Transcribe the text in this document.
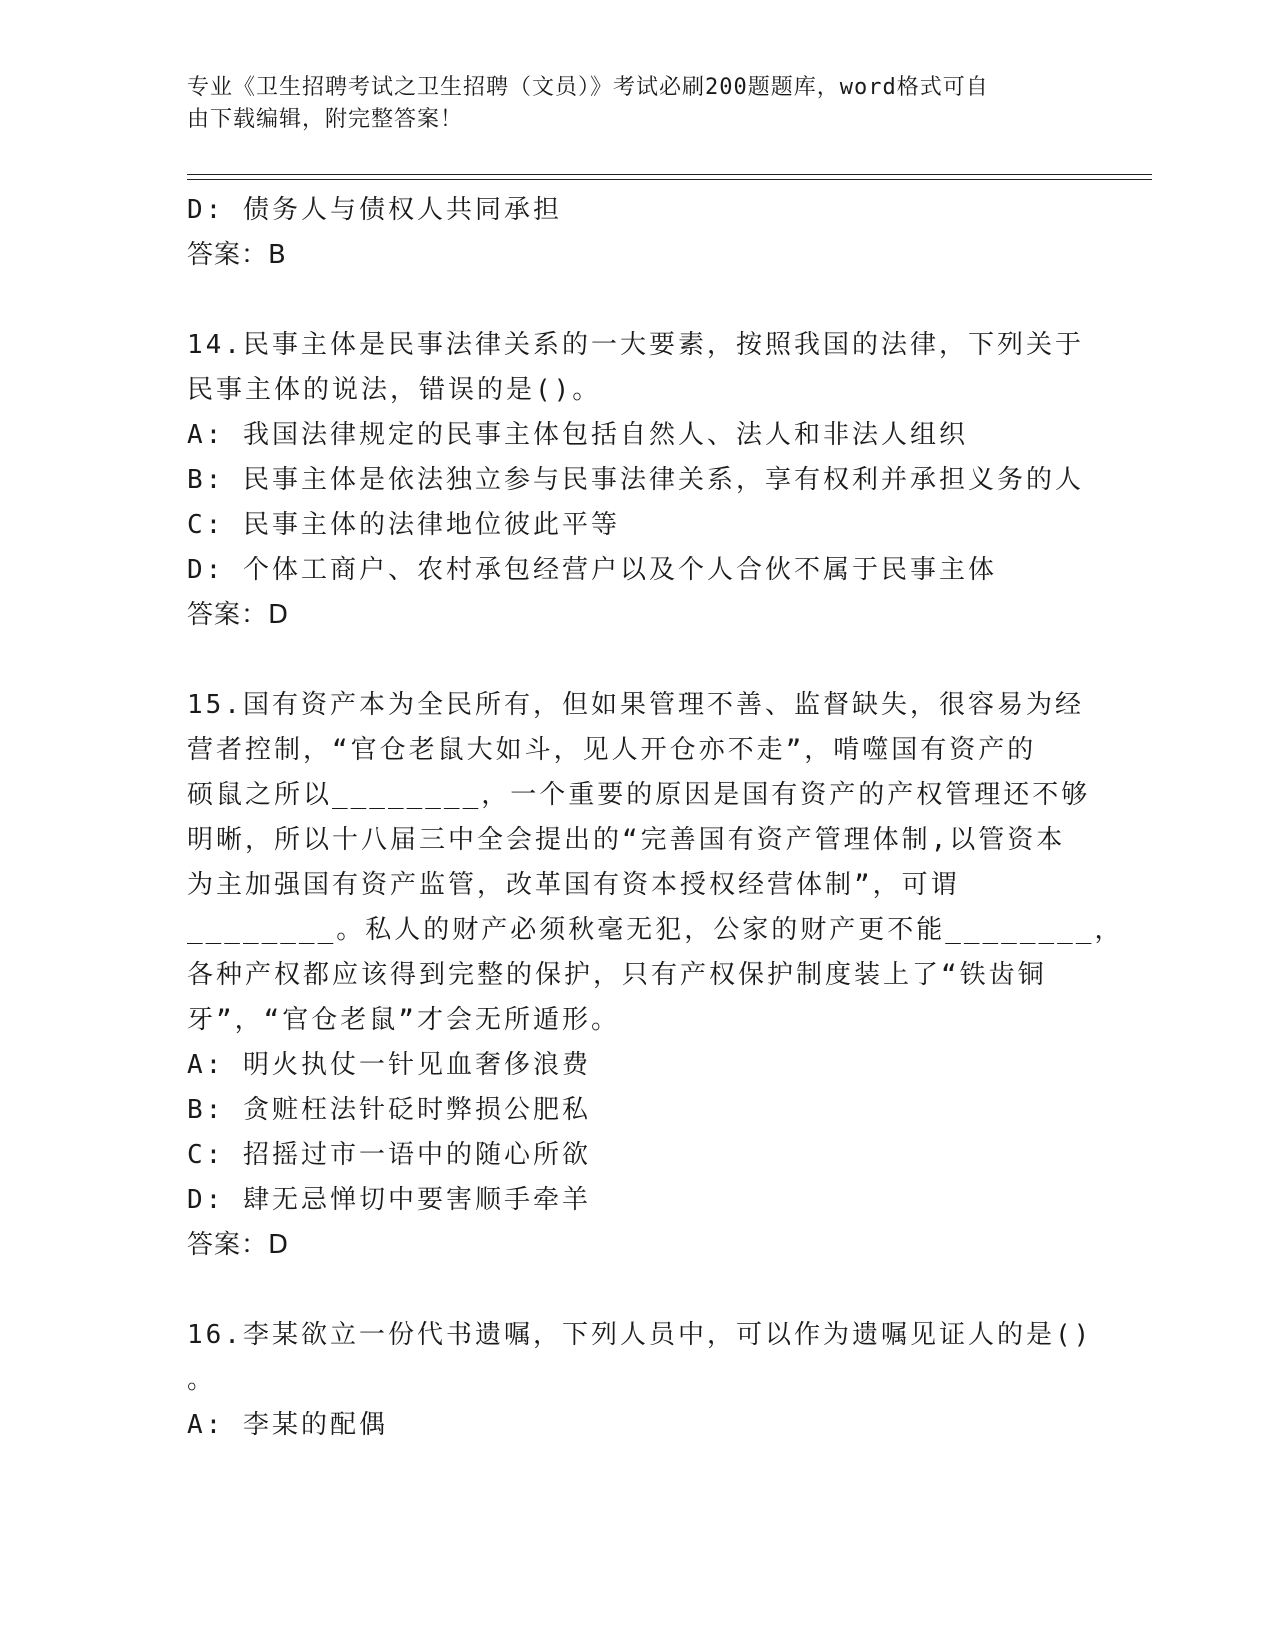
专业《卫生招聘考试之卫生招聘（文员）》考试必刷200题题库，word格式可自
由下载编辑，附完整答案！
D: 债务人与债权人共同承担
答案：B
14.民事主体是民事法律关系的一大要素，按照我国的法律，下列关于
民事主体的说法，错误的是()。
A: 我国法律规定的民事主体包括自然人、法人和非法人组织
B: 民事主体是依法独立参与民事法律关系，享有权利并承担义务的人
C: 民事主体的法律地位彼此平等
D: 个体工商户、农村承包经营户以及个人合伙不属于民事主体
答案：D
15.国有资产本为全民所有，但如果管理不善、监督缺失，很容易为经
营者控制，“官仓老鼠大如斗，见人开仓亦不走”，啃噬国有资产的
硕鼠之所以________，一个重要的原因是国有资产的产权管理还不够
明晰，所以十八届三中全会提出的“完善国有资产管理体制,以管资本
为主加强国有资产监管，改革国有资本授权经营体制”，可谓
________。私人的财产必须秋毫无犯，公家的财产更不能________，
各种产权都应该得到完整的保护，只有产权保护制度装上了“铁齿铜
牙”，“官仓老鼠”才会无所遁形。
A: 明火执仗一针见血奢侈浪费
B: 贪赃枉法针砭时弊损公肥私
C: 招摇过市一语中的随心所欲
D: 肆无忌惮切中要害顺手牵羊
答案：D
16.李某欲立一份代书遗嘱，下列人员中，可以作为遗嘱见证人的是()
。
A: 李某的配偶
